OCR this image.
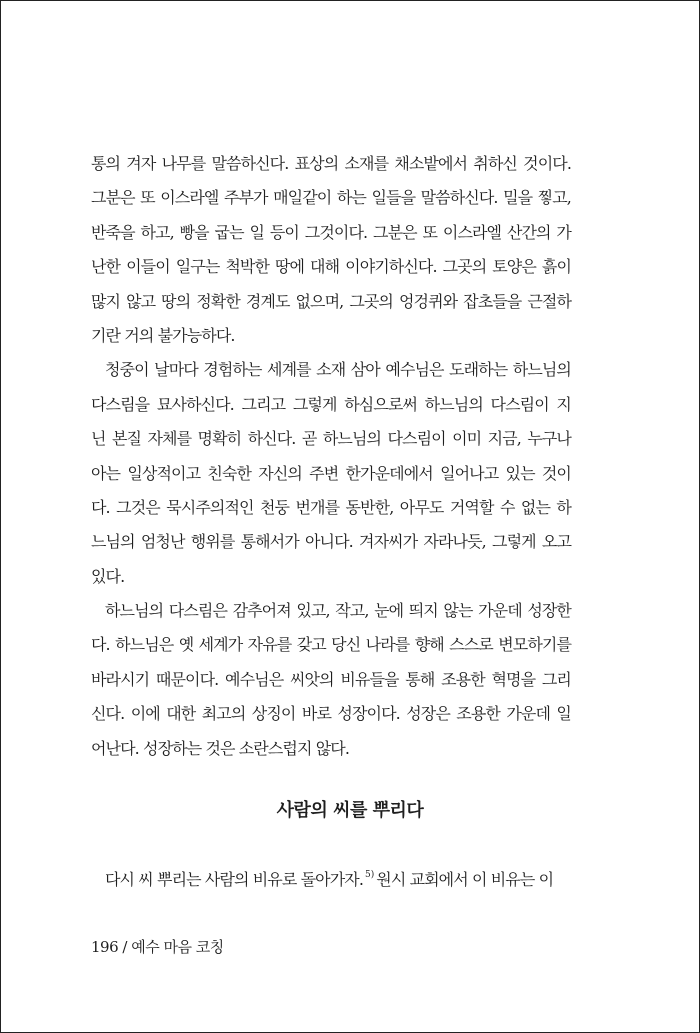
통의 겨자 나무를 말씀하신다. 표상의 소재를 채소밭에서 취하신 것이다.
그분은 또 이스라엘 주부가 매일같이 하는 일들을 말씀하신다. 밀을 찧고,
반죽을 하고, 빵을 굽는 일 등이 그것이다. 그분은 또 이스라엘 산간의 가
난한 이들이 일구는 척박한 땅에 대해 이야기하신다. 그곳의 토양은 흙이
많지 않고 땅의 정확한 경계도 없으며, 그곳의 엉겅퀴와 잡초들을 근절하
기란 거의 불가능하다.
청중이 날마다 경험하는 세계를 소재 삼아 예수님은 도래하는 하느님의
다스림을 묘사하신다. 그리고 그렇게 하심으로써 하느님의 다스림이 지
닌 본질 자체를 명확히 하신다. 곧 하느님의 다스림이 이미 지금, 누구나
아는 일상적이고 친숙한 자신의 주변 한가운데에서 일어나고 있는 것이
다. 그것은 묵시주의적인 천둥 번개를 동반한, 아무도 거역할 수 없는 하
느님의 엄청난 행위를 통해서가 아니다. 겨자씨가 자라나듯, 그렇게 오고
있다.
하느님의 다스림은 감추어져 있고, 작고, 눈에 띄지 않는 가운데 성장한
다. 하느님은 옛 세계가 자유를 갖고 당신 나라를 향해 스스로 변모하기를
바라시기 때문이다. 예수님은 씨앗의 비유들을 통해 조용한 혁명을 그리
신다. 이에 대한 최고의 상징이 바로 성장이다. 성장은 조용한 가운데 일
어난다. 성장하는 것은 소란스럽지 않다.
사람의 씨를 뿌리다
다시 씨 뿌리는 사람의 비유로 돌아가자. $^{5)}$ 원시 교회에서 이 비유는 이
196 / 예수 마음 코칭
